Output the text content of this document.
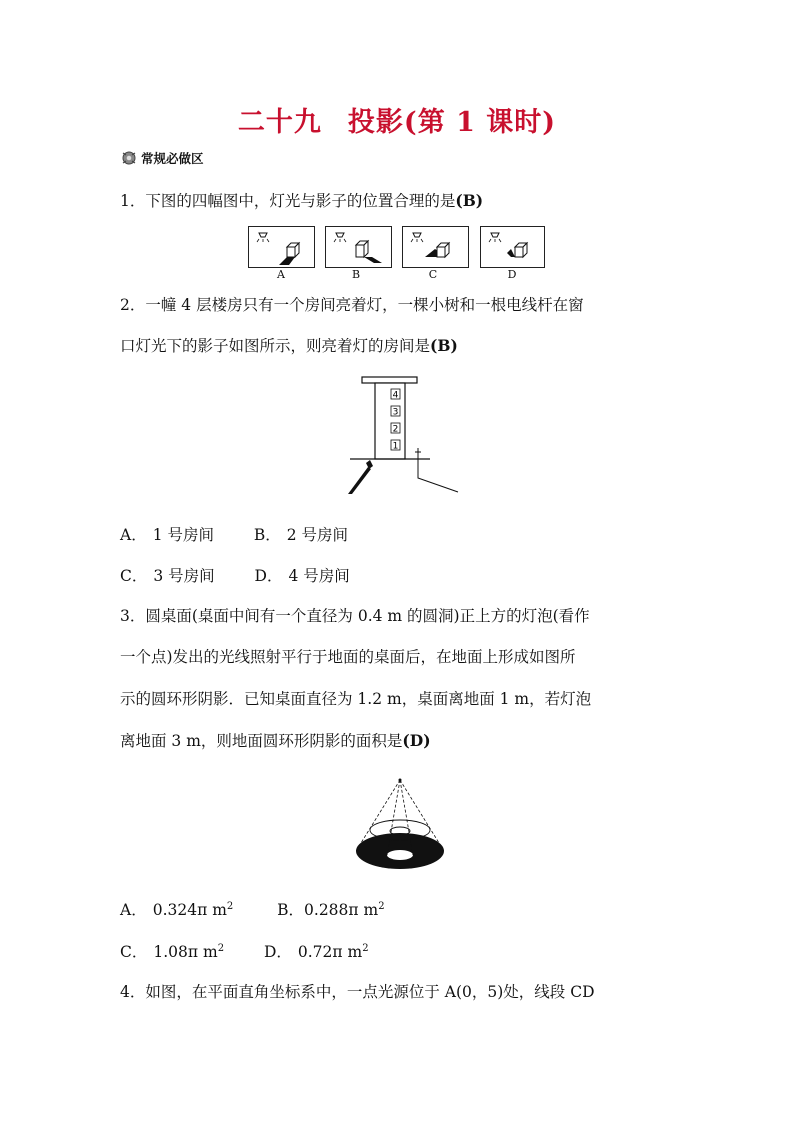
二十九 投影(第 1 课时)
常规必做区
1．下图的四幅图中，灯光与影子的位置合理的是(B)
A	B	C	D
2．一幢 4 层楼房只有一个房间亮着灯，一棵小树和一根电线杆在窗
口灯光下的影子如图所示，则亮着灯的房间是(B)
4
3
2
1
A． 1 号房间	B． 2 号房间
C． 3 号房间	D． 4 号房间
3．圆桌面(桌面中间有一个直径为 0.4 m 的圆洞)正上方的灯泡(看作
一个点)发出的光线照射平行于地面的桌面后，在地面上形成如图所
示的圆环形阴影．已知桌面直径为 1.2 m，桌面离地面 1 m，若灯泡
离地面 3 m，则地面圆环形阴影的面积是(D)
A． 0.324π $m^2$	B．0.288π $m^2$
C． 1.08π $m^2$	D． 0.72π $m^2$
4．如图，在平面直角坐标系中，一点光源位于 A(0，5)处，线段 CD
